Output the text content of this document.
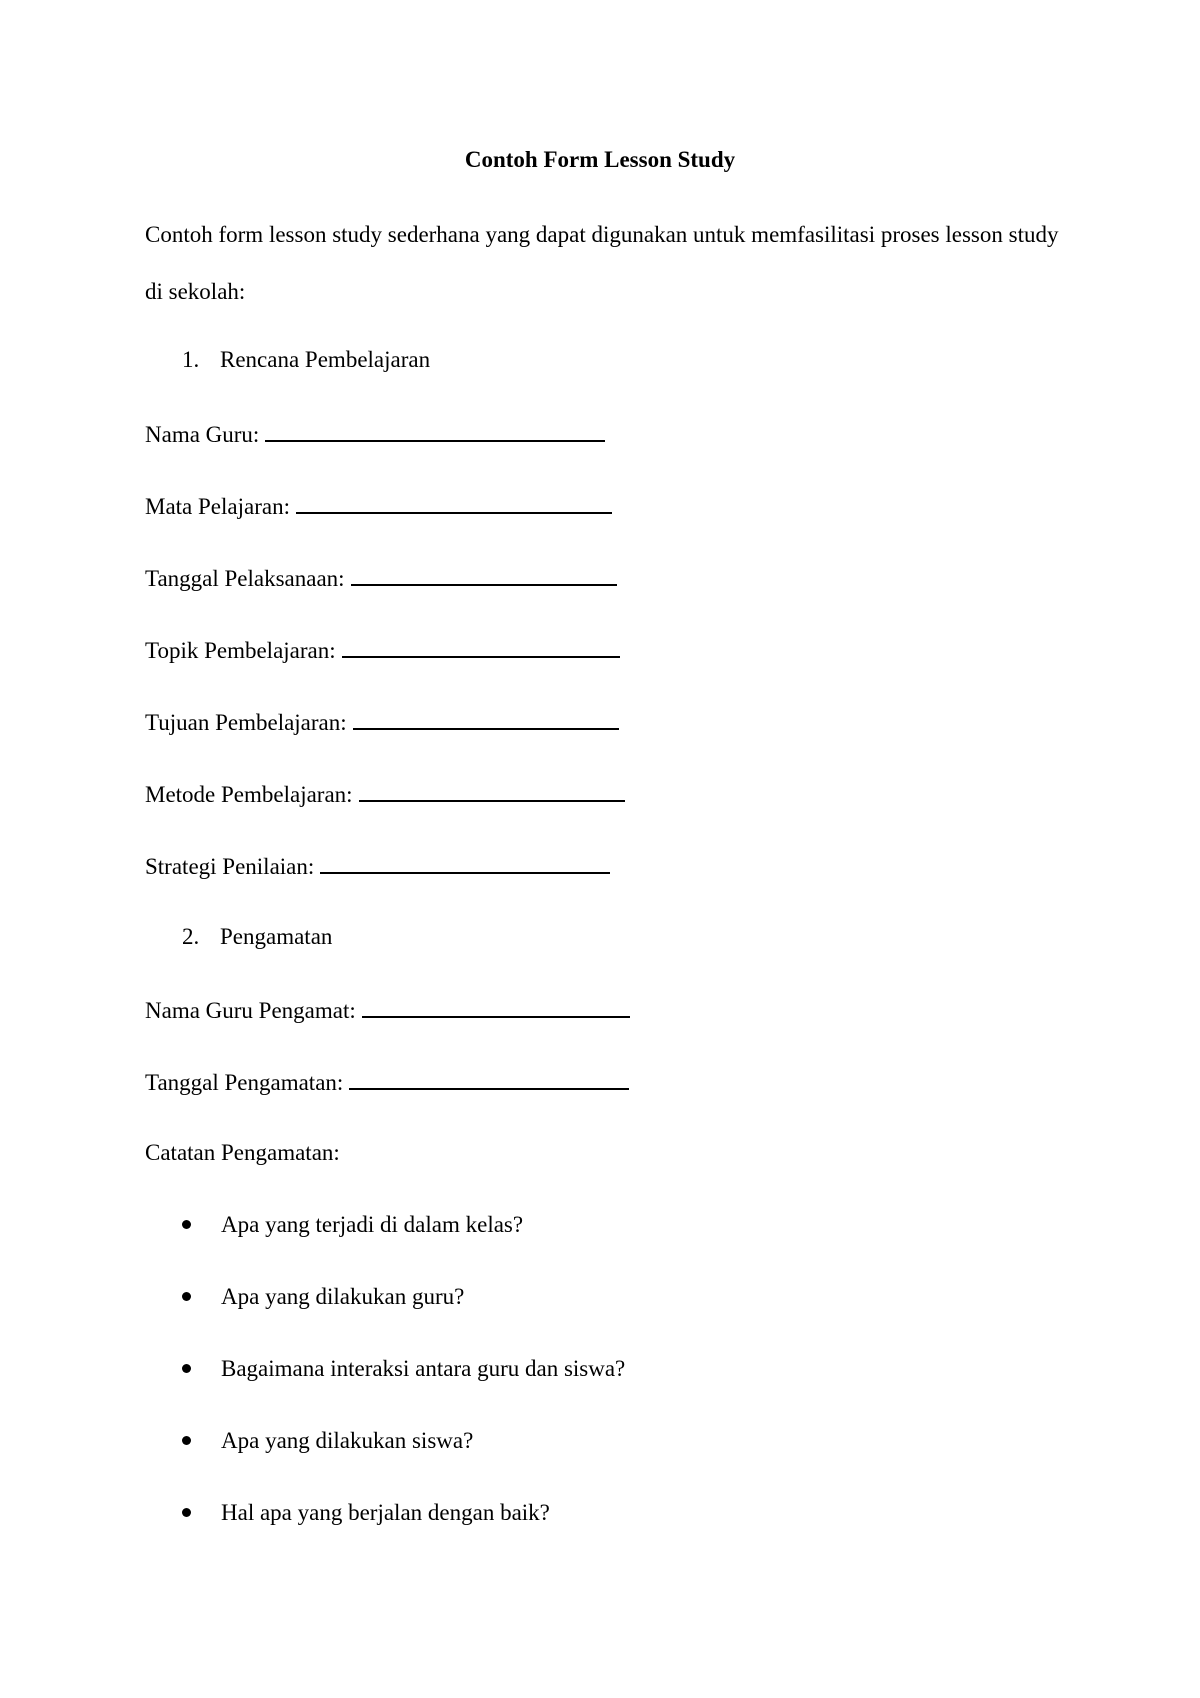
Contoh Form Lesson Study
Contoh form lesson study sederhana yang dapat digunakan untuk memfasilitasi proses lesson study di sekolah:
1. Rencana Pembelajaran
Nama Guru:
Mata Pelajaran:
Tanggal Pelaksanaan:
Topik Pembelajaran:
Tujuan Pembelajaran:
Metode Pembelajaran:
Strategi Penilaian:
2. Pengamatan
Nama Guru Pengamat:
Tanggal Pengamatan:
Catatan Pengamatan:
Apa yang terjadi di dalam kelas?
Apa yang dilakukan guru?
Bagaimana interaksi antara guru dan siswa?
Apa yang dilakukan siswa?
Hal apa yang berjalan dengan baik?
